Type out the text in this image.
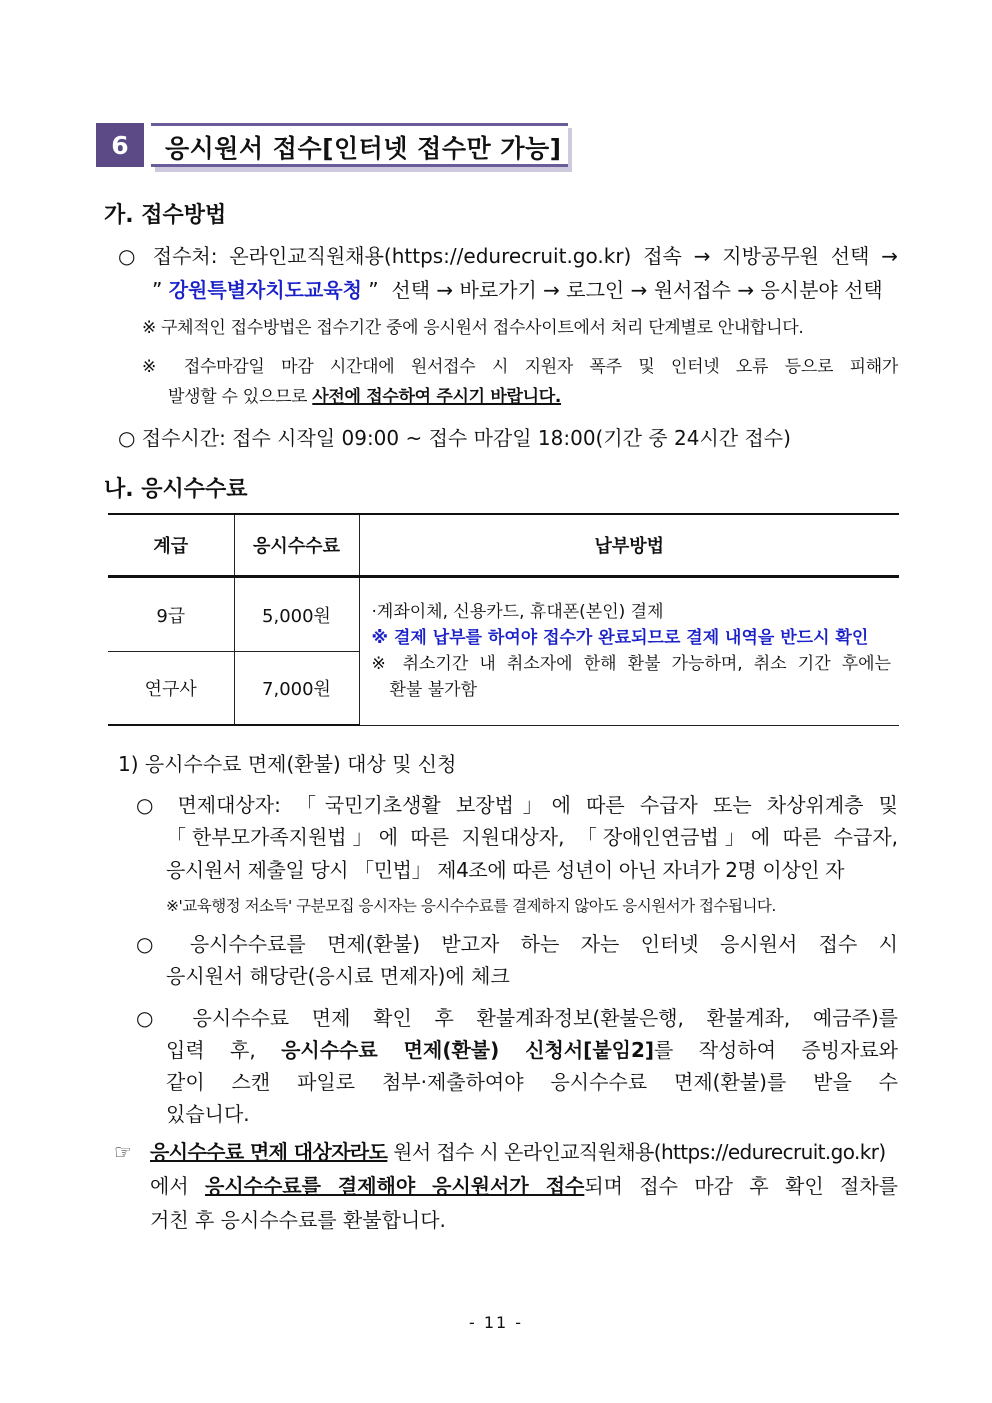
6	응시원서 접수[인터넷 접수만 가능]
가. 접수방법
○ 접수처: 온라인교직원채용(https://edurecruit.go.kr) 접속 → 지방공무원 선택 →
” 강원특별자치도교육청 ” 선택 → 바로가기 → 로그인 → 원서접수 → 응시분야 선택
※ 구체적인 접수방법은 접수기간 중에 응시원서 접수사이트에서 처리 단계별로 안내합니다.
※ 접수마감일 마감 시간대에 원서접수 시 지원자 폭주 및 인터넷 오류 등으로 피해가
발생할 수 있으므로 사전에 접수하여 주시기 바랍니다.
○ 접수시간: 접수 시작일 09:00 ~ 접수 마감일 18:00(기간 중 24시간 접수)
나. 응시수수료
계급	응시수수료	납부방법
9급	5,000원	·계좌이체, 신용카드, 휴대폰(본인) 결제
※ 결제 납부를 하여야 접수가 완료되므로 결제 내역을 반드시 확인
※ 취소기간 내 취소자에 한해 환불 가능하며, 취소 기간 후에는
환불 불가함

연구사	7,000원	
1) 응시수수료 면제(환불) 대상 및 신청
○ 면제대상자: 「국민기초생활 보장법」에 따른 수급자 또는 차상위계층 및
「한부모가족지원법」에 따른 지원대상자, 「장애인연금법」에 따른 수급자,
응시원서 제출일 당시 「민법」 제4조에 따른 성년이 아닌 자녀가 2명 이상인 자
※'교육행정 저소득' 구분모집 응시자는 응시수수료를 결제하지 않아도 응시원서가 접수됩니다.
○ 응시수수료를 면제(환불) 받고자 하는 자는 인터넷 응시원서 접수 시
응시원서 해당란(응시료 면제자)에 체크
○ 응시수수료 면제 확인 후 환불계좌정보(환불은행, 환불계좌, 예금주)를
입력 후, 응시수수료 면제(환불) 신청서[붙임2]를 작성하여 증빙자료와
같이 스캔 파일로 첨부·제출하여야 응시수수료 면제(환불)를 받을 수
있습니다.
☞ 응시수수료 면제 대상자라도 원서 접수 시 온라인교직원채용(https://edurecruit.go.kr)
에서 응시수수료를 결제해야 응시원서가 접수되며 접수 마감 후 확인 절차를
거친 후 응시수수료를 환불합니다.
- 11 -
